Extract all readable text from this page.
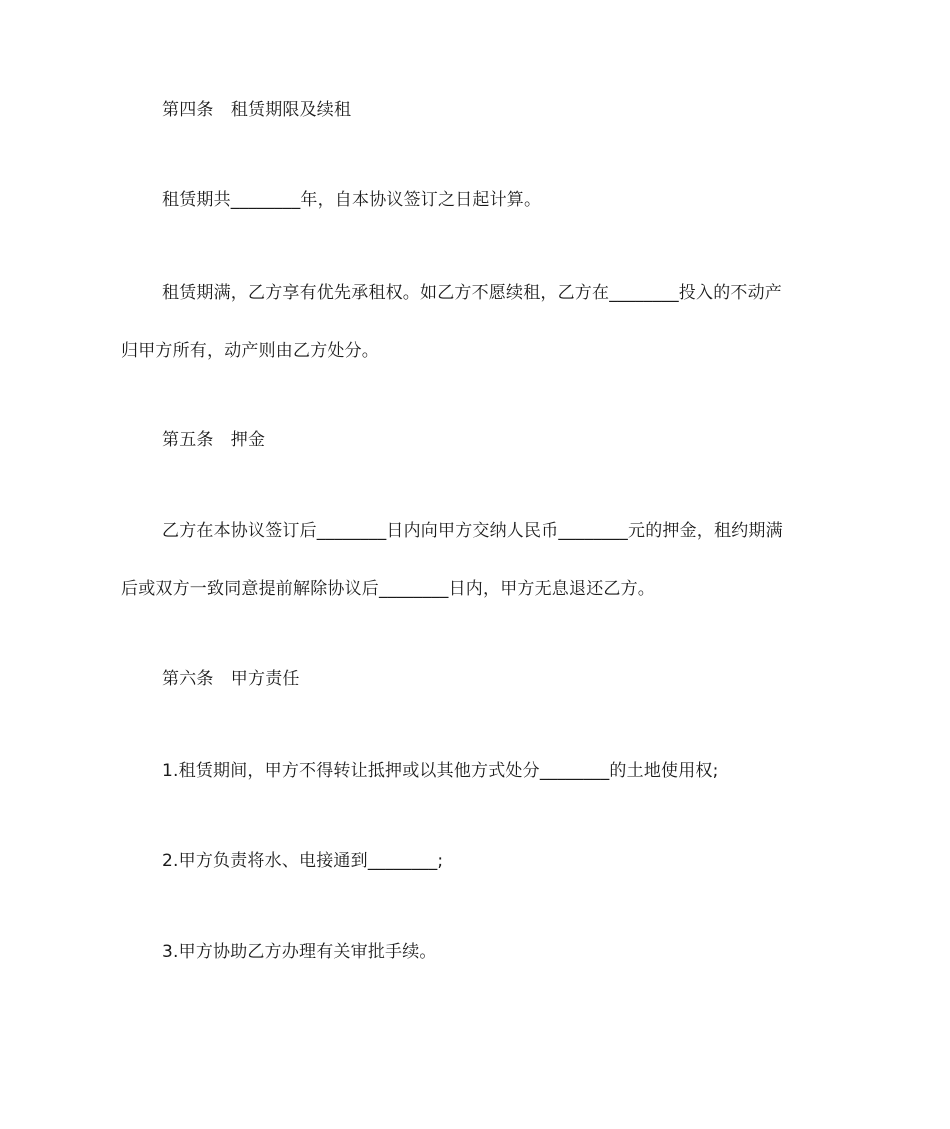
第四条　租赁期限及续租
租赁期共________年，自本协议签订之日起计算。
租赁期满，乙方享有优先承租权。如乙方不愿续租，乙方在________投入的不动产
归甲方所有，动产则由乙方处分。
第五条　押金
乙方在本协议签订后________日内向甲方交纳人民币________元的押金，租约期满
后或双方一致同意提前解除协议后________日内，甲方无息退还乙方。
第六条　甲方责任
1.租赁期间，甲方不得转让抵押或以其他方式处分________的土地使用权;
2.甲方负责将水、电接通到________;
3.甲方协助乙方办理有关审批手续。
